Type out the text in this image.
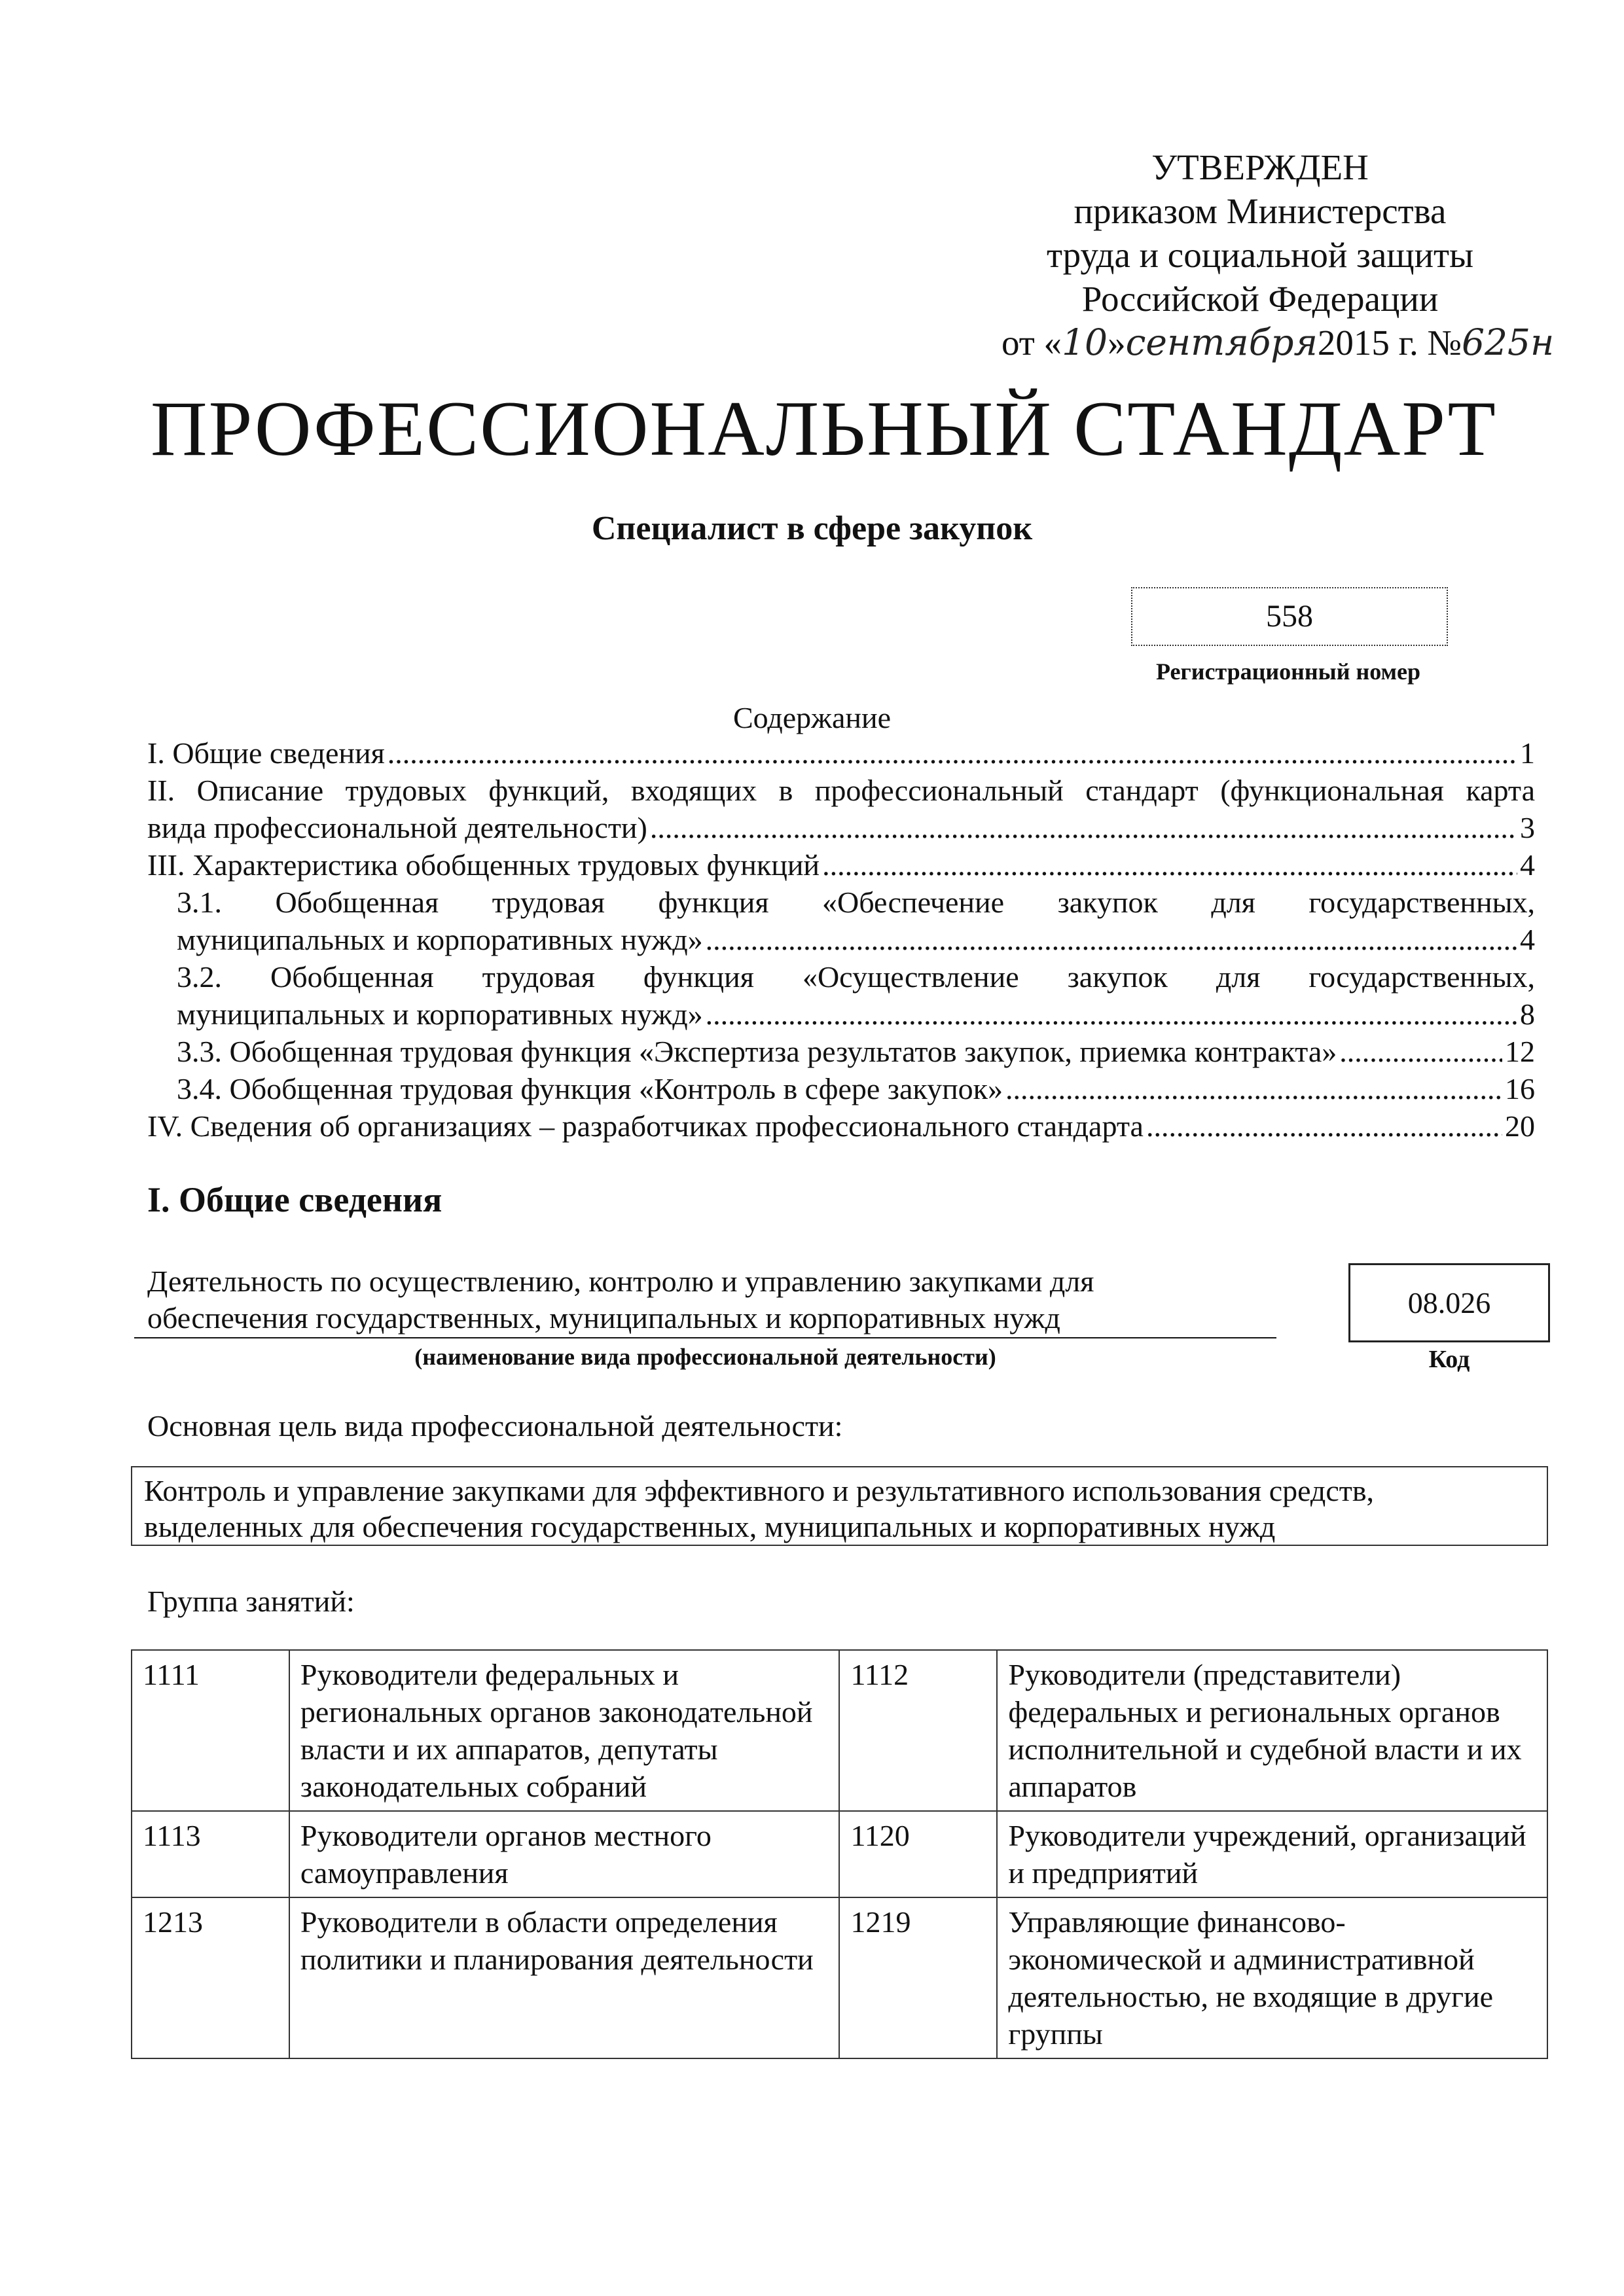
УТВЕРЖДЕН
приказом Министерства
труда и социальной защиты
Российской Федерации
от «10»сентября2015 г. №625н
ПРОФЕССИОНАЛЬНЫЙ СТАНДАРТ
Специалист в сфере закупок
558
Регистрационный номер
Содержание
I. Общие сведения .....	1
II. Описание трудовых функций, входящих в профессиональный стандарт (функциональная карта
вида профессиональной деятельности) .....	3
III. Характеристика обобщенных трудовых функций .....	4
3.1. Обобщенная трудовая функция «Обеспечение закупок для государственных,
муниципальных и корпоративных нужд» .....	4
3.2. Обобщенная трудовая функция «Осуществление закупок для государственных,
муниципальных и корпоративных нужд» .....	8
3.3. Обобщенная трудовая функция «Экспертиза результатов закупок, приемка контракта» .....	12
3.4. Обобщенная трудовая функция «Контроль в сфере закупок» .....	16
IV. Сведения об организациях – разработчиках профессионального стандарта .....	20
I. Общие сведения
Деятельность по осуществлению, контролю и управлению закупками для
обеспечения государственных, муниципальных и корпоративных нужд
(наименование вида профессиональной деятельности)
08.026
Код
Основная цель вида профессиональной деятельности:
Контроль и управление закупками для эффективного и результативного использования средств,
выделенных для обеспечения государственных, муниципальных и корпоративных нужд
Группа занятий:
1111	Руководители федеральных и региональных органов законодательной власти и их аппаратов, депутаты законодательных собраний	1112	Руководители (представители) федеральных и региональных органов исполнительной и судебной власти и их аппаратов
1113	Руководители органов местного самоуправления	1120	Руководители учреждений, организаций и предприятий
1213	Руководители в области определения политики и планирования деятельности	1219	Управляющие финансово-экономической и административной деятельностью, не входящие в другие группы
